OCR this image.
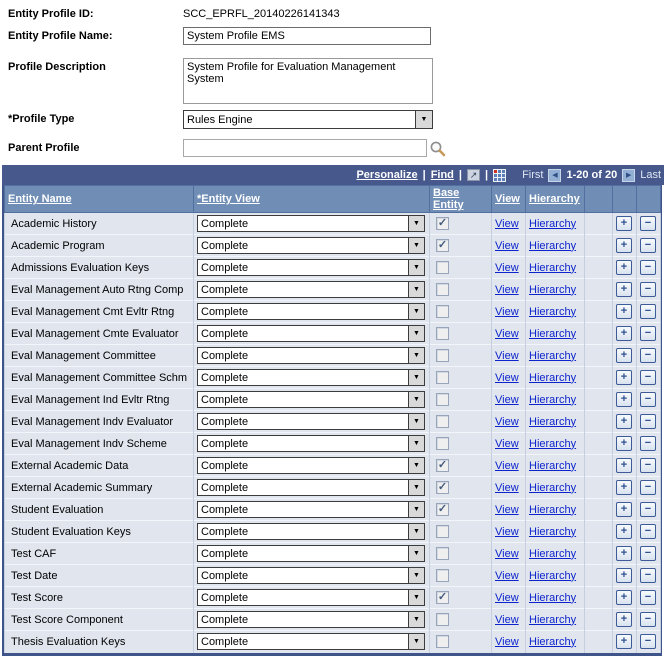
Entity Profile ID:	SCC_EPRFL_20140226141343
Entity Profile Name:
System Profile EMS
Profile Description
System Profile for Evaluation Management System
*Profile Type	Rules Engine	▼
Parent Profile
Personalize | Find | ↗ |	First	◀ 1-20 of 20	▶ Last
Entity Name	*Entity View	Base Entity	View	Hierarchy			
Academic History	Complete ▼	✓	View	Hierarchy		+	−
Academic Program	Complete ▼	✓	View	Hierarchy		+	−
Admissions Evaluation Keys	Complete ▼		View	Hierarchy		+	−
Eval Management Auto Rtng Comp	Complete ▼		View	Hierarchy		+	−
Eval Management Cmt Evltr Rtng	Complete ▼		View	Hierarchy		+	−
Eval Management Cmte Evaluator	Complete ▼		View	Hierarchy		+	−
Eval Management Committee	Complete ▼		View	Hierarchy		+	−
Eval Management Committee Schm	Complete ▼		View	Hierarchy		+	−
Eval Management Ind Evltr Rtng	Complete ▼		View	Hierarchy		+	−
Eval Management Indv Evaluator	Complete ▼		View	Hierarchy		+	−
Eval Management Indv Scheme	Complete ▼		View	Hierarchy		+	−
External Academic Data	Complete ▼	✓	View	Hierarchy		+	−
External Academic Summary	Complete ▼	✓	View	Hierarchy		+	−
Student Evaluation	Complete ▼	✓	View	Hierarchy		+	−
Student Evaluation Keys	Complete ▼		View	Hierarchy		+	−
Test CAF	Complete ▼		View	Hierarchy		+	−
Test Date	Complete ▼		View	Hierarchy		+	−
Test Score	Complete ▼	✓	View	Hierarchy		+	−
Test Score Component	Complete ▼		View	Hierarchy		+	−
Thesis Evaluation Keys	Complete ▼		View	Hierarchy		+	−
